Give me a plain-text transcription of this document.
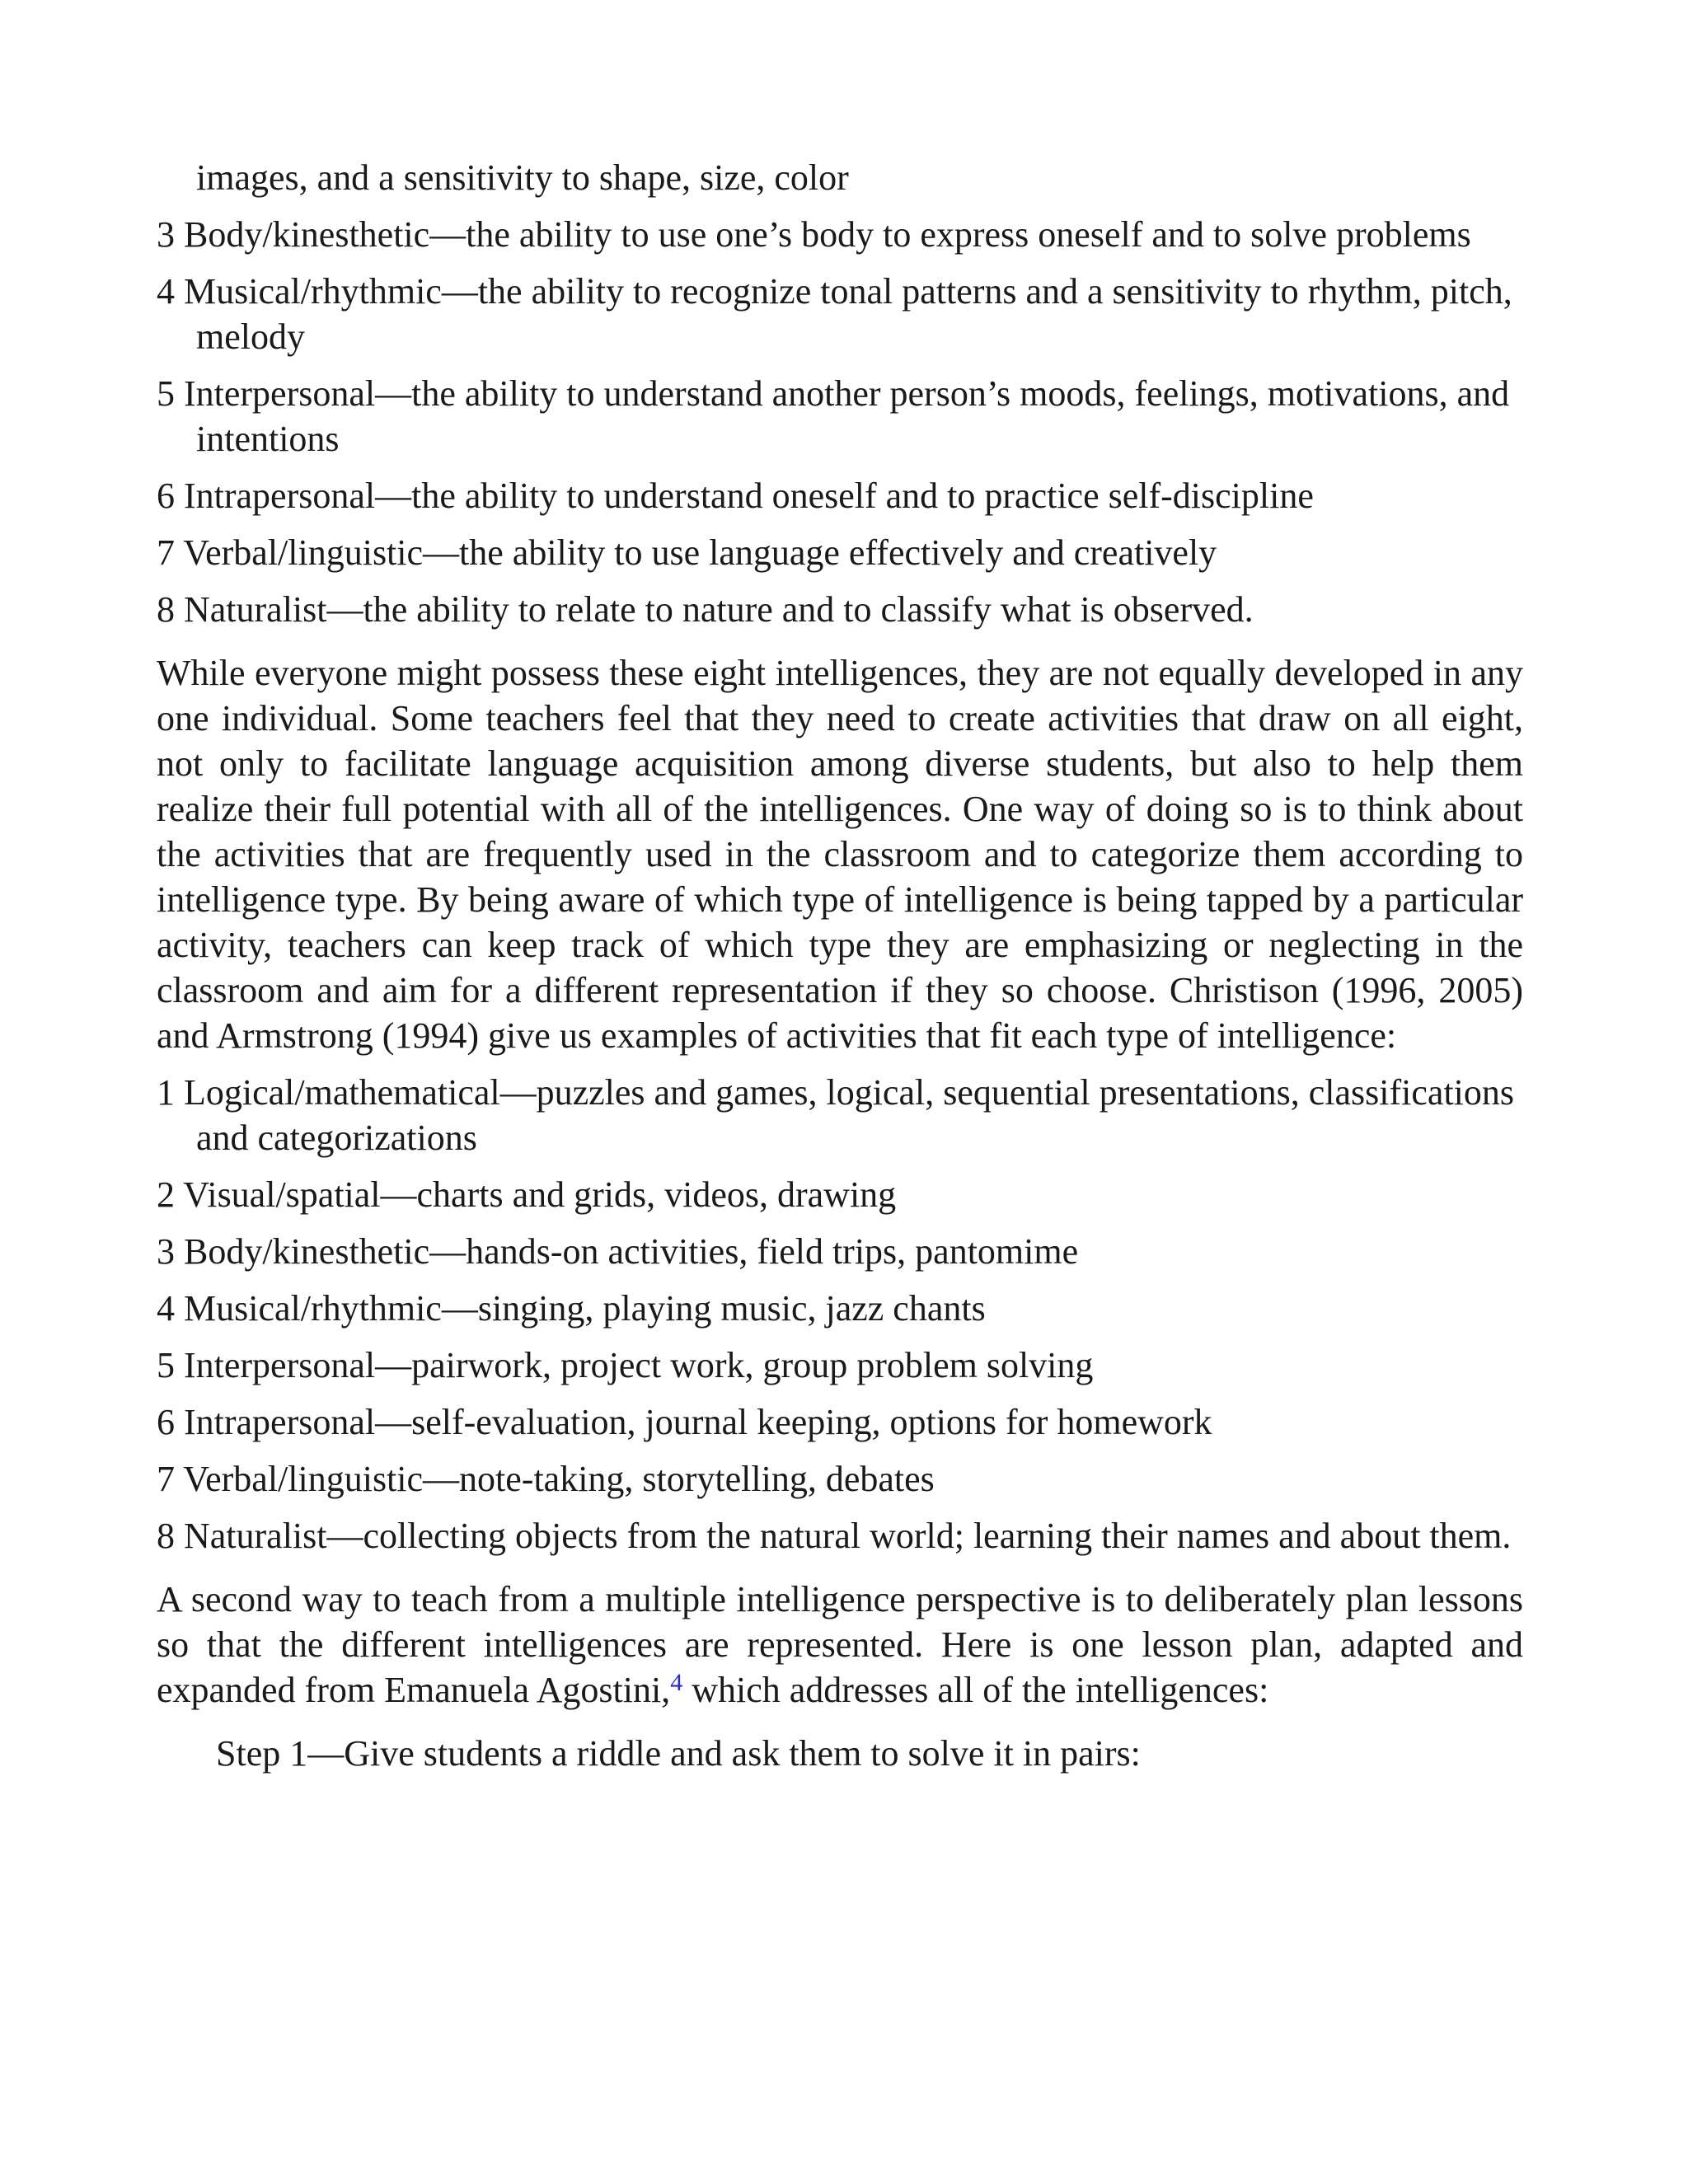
images, and a sensitivity to shape, size, color
3 Body/kinesthetic—the ability to use one’s body to express oneself and to solve problems
4 Musical/rhythmic—the ability to recognize tonal patterns and a sensitivity to rhythm, pitch, melody
5 Interpersonal—the ability to understand another person’s moods, feelings, motivations, and intentions
6 Intrapersonal—the ability to understand oneself and to practice self-discipline
7 Verbal/linguistic—the ability to use language effectively and creatively
8 Naturalist—the ability to relate to nature and to classify what is observed.

While everyone might possess these eight intelligences, they are not equally developed in any one individual. Some teachers feel that they need to create activities that draw on all eight, not only to facilitate language acquisition among diverse students, but also to help them realize their full potential with all of the intelligences. One way of doing so is to think about the activities that are frequently used in the classroom and to categorize them according to intelligence type. By being aware of which type of intelligence is being tapped by a particular activity, teachers can keep track of which type they are emphasizing or neglecting in the classroom and aim for a different representation if they so choose. Christison (1996, 2005) and Armstrong (1994) give us examples of activities that fit each type of intelligence:

1 Logical/mathematical—puzzles and games, logical, sequential presentations, classifications and categorizations
2 Visual/spatial—charts and grids, videos, drawing
3 Body/kinesthetic—hands-on activities, field trips, pantomime
4 Musical/rhythmic—singing, playing music, jazz chants
5 Interpersonal—pairwork, project work, group problem solving
6 Intrapersonal—self-evaluation, journal keeping, options for homework
7 Verbal/linguistic—note-taking, storytelling, debates
8 Naturalist—collecting objects from the natural world; learning their names and about them.

A second way to teach from a multiple intelligence perspective is to deliberately plan lessons so that the different intelligences are represented. Here is one lesson plan, adapted and expanded from Emanuela Agostini,$^4$ which addresses all of the intelligences:

Step 1—Give students a riddle and ask them to solve it in pairs:
